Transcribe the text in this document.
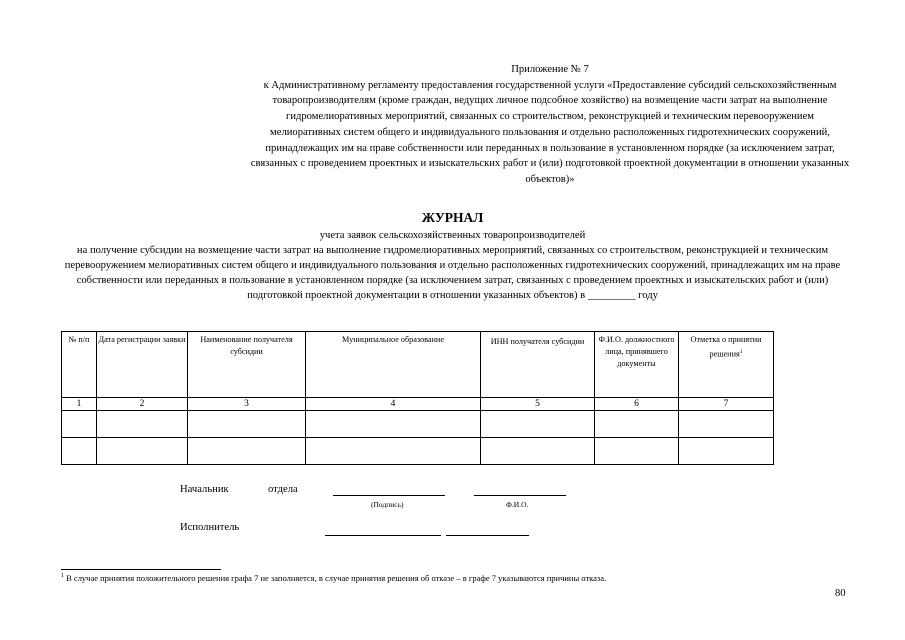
Приложение № 7
к Административному регламенту предоставления государственной услуги «Предоставление субсидий сельскохозяйственным товаропроизводителям (кроме граждан, ведущих личное подсобное хозяйство) на возмещение части затрат на выполнение гидромелиоративных мероприятий, связанных со строительством, реконструкцией и техническим перевооружением мелиоративных систем общего и индивидуального пользования и отдельно расположенных гидротехнических сооружений, принадлежащих им на праве собственности или переданных в пользование в установленном порядке (за исключением затрат, связанных с проведением проектных и изыскательских работ и (или) подготовкой проектной документации в отношении указанных объектов)»
ЖУРНАЛ
учета заявок сельскохозяйственных товаропроизводителей
на получение субсидии на возмещение части затрат на выполнение гидромелиоративных мероприятий, связанных со строительством, реконструкцией и техническим перевооружением мелиоративных систем общего и индивидуального пользования и отдельно расположенных гидротехнических сооружений, принадлежащих им на праве собственности или переданных в пользование в установленном порядке (за исключением затрат, связанных с проведением проектных и изыскательских работ и (или) подготовкой проектной документации в отношении указанных объектов) в _________ году
№ п/п	Дата регистрации заявки	Наименование получателя субсидии	Муниципальное образование	ИНН получателя субсидии	Ф.И.О. должностного лица, принявшего документы	Отметка о принятии решения$^1$
1	2	3	4	5	6	7

Начальник	отдела
(Подпись)	Ф.И.О.
Исполнитель
$^1$ В случае принятия положительного решения графа 7 не заполняется, в случае принятия решения об отказе – в графе 7 указываются причины отказа.
80
